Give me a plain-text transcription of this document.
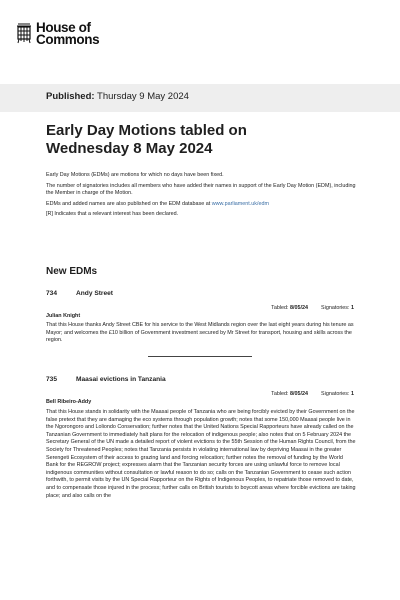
House of
Commons
Published: Thursday 9 May 2024
Early Day Motions tabled on
Wednesday 8 May 2024

Early Day Motions (EDMs) are motions for which no days have been fixed.

The number of signatories includes all members who have added their names in support of the Early Day Motion (EDM), including the Member in charge of the Motion.

EDMs and added names are also published on the EDM database at www.parliament.uk/edm

[R] Indicates that a relevant interest has been declared.

New EDMs
734	Andy Street
Tabled: 8/05/24 Signatories: 1
Julian Knight
That this House thanks Andy Street CBE for his service to the West Midlands region over the last eight years during his tenure as Mayor; and welcomes the £10 billion of Government investment secured by Mr Street for transport, housing and skills across the region.
735	Maasai evictions in Tanzania
Tabled: 8/05/24 Signatories: 1
Bell Ribeiro-Addy
That this House stands in solidarity with the Maasai people of Tanzania who are being forcibly evicted by their Government on the false pretext that they are damaging the eco systems through population growth; notes that some 150,000 Maasai people live in the Ngorongoro and Loliondo Conservation; further notes that the United Nations Special Rapporteurs have already called on the Tanzanian Government to immediately halt plans for the relocation of indigenous people; also notes that on 5 February 2024 the Secretary General of the UN made a detailed report of violent evictions to the 55th Session of the Human Rights Council, from the Society for Threatened Peoples; notes that Tanzania persists in violating international law by depriving Maasai in the greater Serengeti Ecosystem of their access to grazing land and forcing relocation; further notes the removal of funding by the World Bank for the REGROW project; expresses alarm that the Tanzanian security forces are using unlawful force to remove local indigenous communities without consultation or lawful reason to do so; calls on the Tanzanian Government to cease such action forthwith, to permit visits by the UN Special Rapporteur on the Rights of Indigenous Peoples, to repatriate those removed to date, and to compensate those injured in the process; further calls on British tourists to boycott areas where forcible evictions are taking place; and also calls on the
